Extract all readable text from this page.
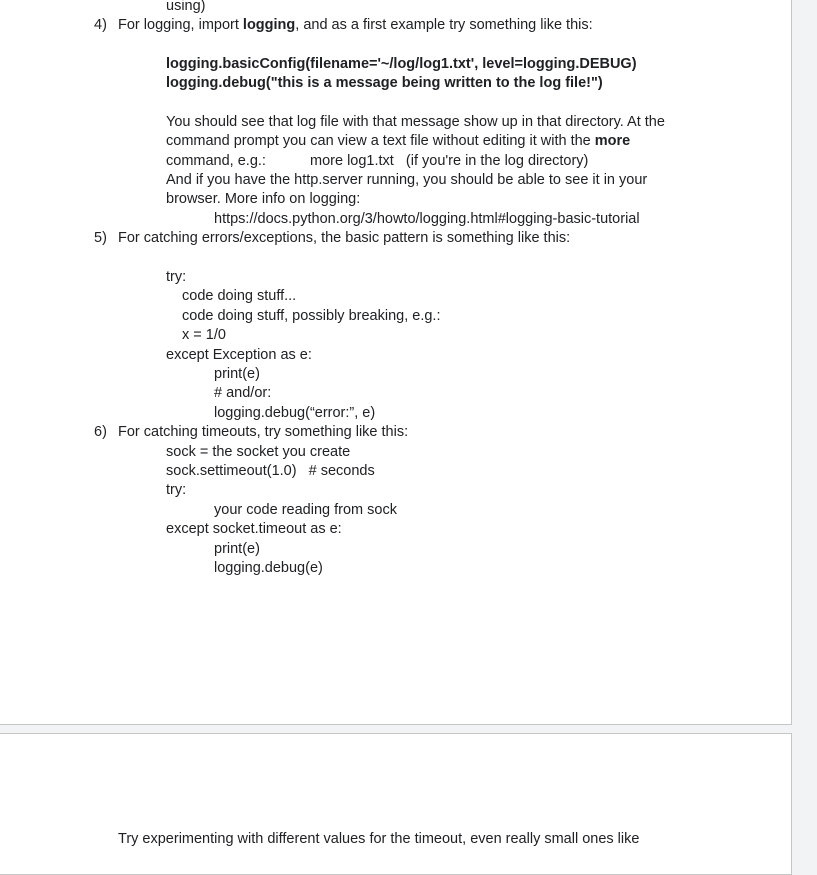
using)
4) For logging, import logging, and as a first example try something like this:
logging.basicConfig(filename='~/log/log1.txt', level=logging.DEBUG)
logging.debug("this is a message being written to the log file!")
You should see that log file with that message show up in that directory. At the
command prompt you can view a text file without editing it with the more
command, e.g.:	more log1.txt   (if you're in the log directory)
And if you have the http.server running, you should be able to see it in your
browser. More info on logging:
https://docs.python.org/3/howto/logging.html#logging-basic-tutorial
5) For catching errors/exceptions, the basic pattern is something like this:
try:
code doing stuff...
code doing stuff, possibly breaking, e.g.:
x = 1/0
except Exception as e:
print(e)
# and/or:
logging.debug(“error:”, e)
6) For catching timeouts, try something like this:
sock = the socket you create
sock.settimeout(1.0)   # seconds
try:
your code reading from sock
except socket.timeout as e:
print(e)
logging.debug(e)
Try experimenting with different values for the timeout, even really small ones like
